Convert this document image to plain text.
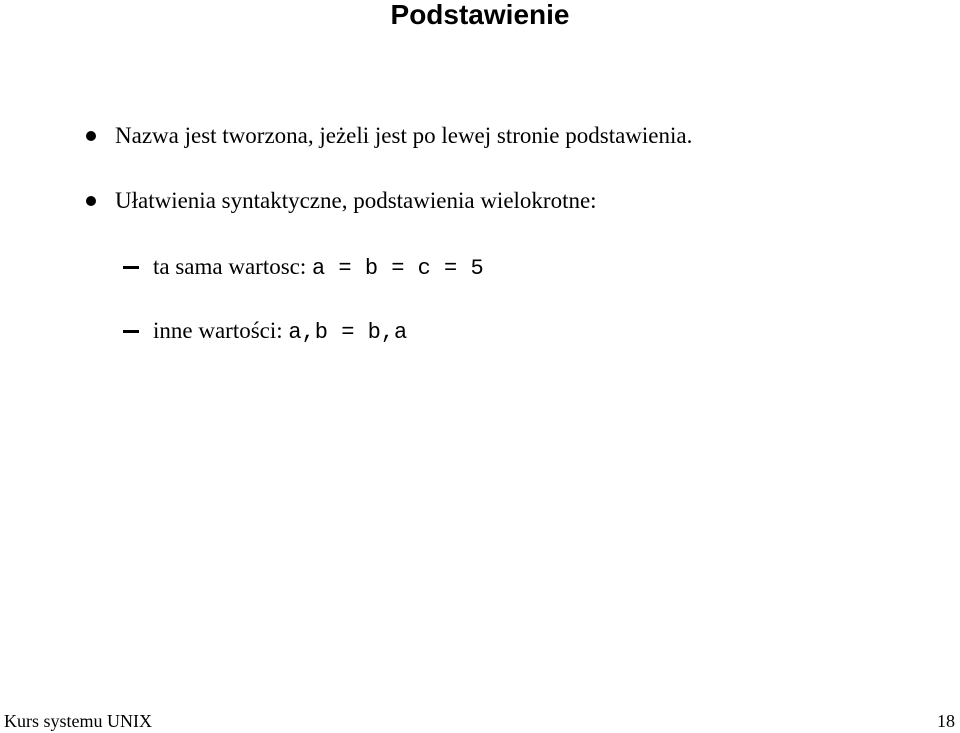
Podstawienie
Nazwa jest tworzona, jeżeli jest po lewej stronie podstawienia.
Ułatwienia syntaktyczne, podstawienia wielokrotne:
ta sama wartosc: a = b = c = 5
inne wartości: a,b = b,a
Kurs systemu UNIX	18
